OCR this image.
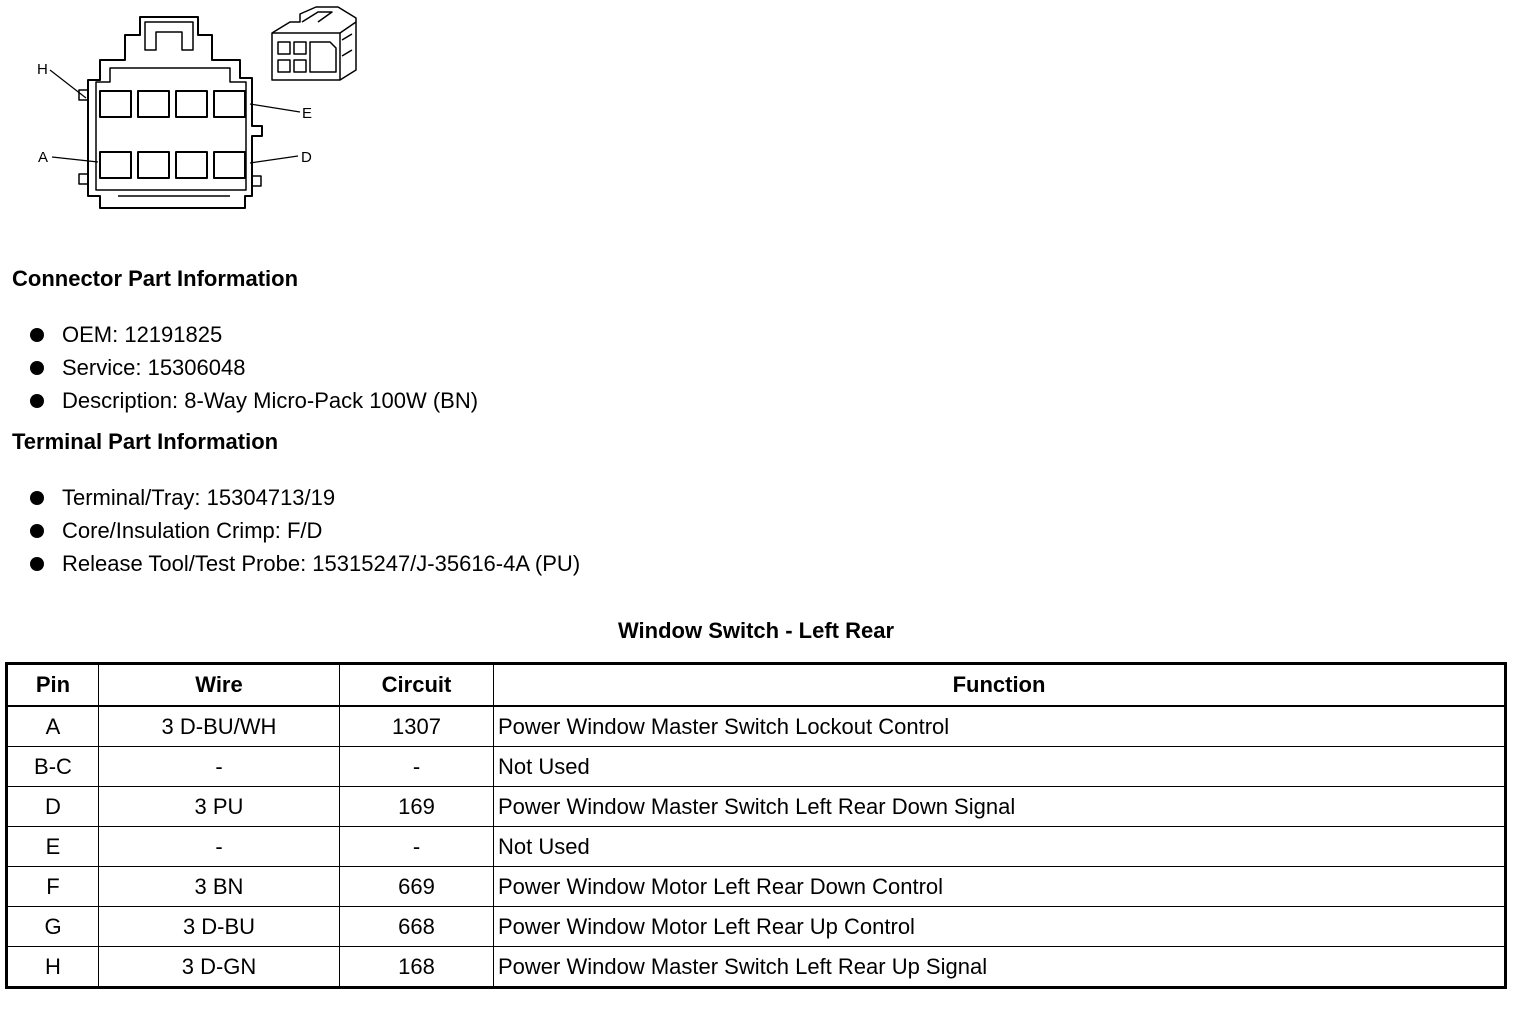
H
E
A	D
Connector Part Information
OEM: 12191825
Service: 15306048
Description: 8-Way Micro-Pack 100W (BN)
Terminal Part Information
Terminal/Tray: 15304713/19
Core/Insulation Crimp: F/D
Release Tool/Test Probe: 15315247/J-35616-4A (PU)
Window Switch - Left Rear
Pin	Wire	Circuit	Function
A	3 D-BU/WH	1307	Power Window Master Switch Lockout Control
B-C	-	-	Not Used
D	3 PU	169	Power Window Master Switch Left Rear Down Signal
E	-	-	Not Used
F	3 BN	669	Power Window Motor Left Rear Down Control
G	3 D-BU	668	Power Window Motor Left Rear Up Control
H	3 D-GN	168	Power Window Master Switch Left Rear Up Signal
